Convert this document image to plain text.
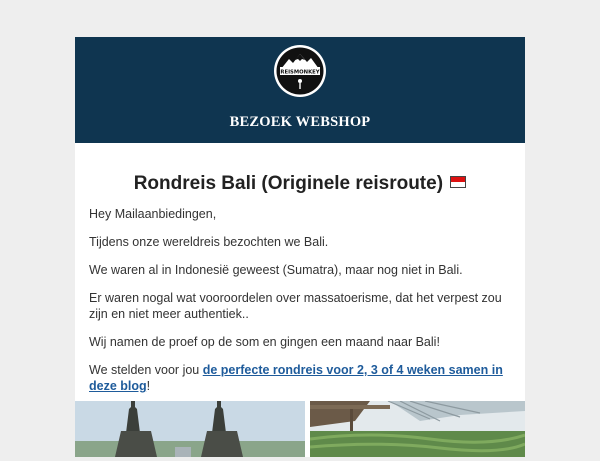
REISMONKEY
BEZOEK WEBSHOP
Rondreis Bali (Originele reisroute)

Hey Mailaanbiedingen,

Tijdens onze wereldreis bezochten we Bali.

We waren al in Indonesië geweest (Sumatra), maar nog niet in Bali.

Er waren nogal wat vooroordelen over massatoerisme, dat het verpest zou zijn en niet meer authentiek..

Wij namen de proef op de som en gingen een maand naar Bali!

We stelden voor jou de perfecte rondreis voor 2, 3 of 4 weken samen in deze blog!
